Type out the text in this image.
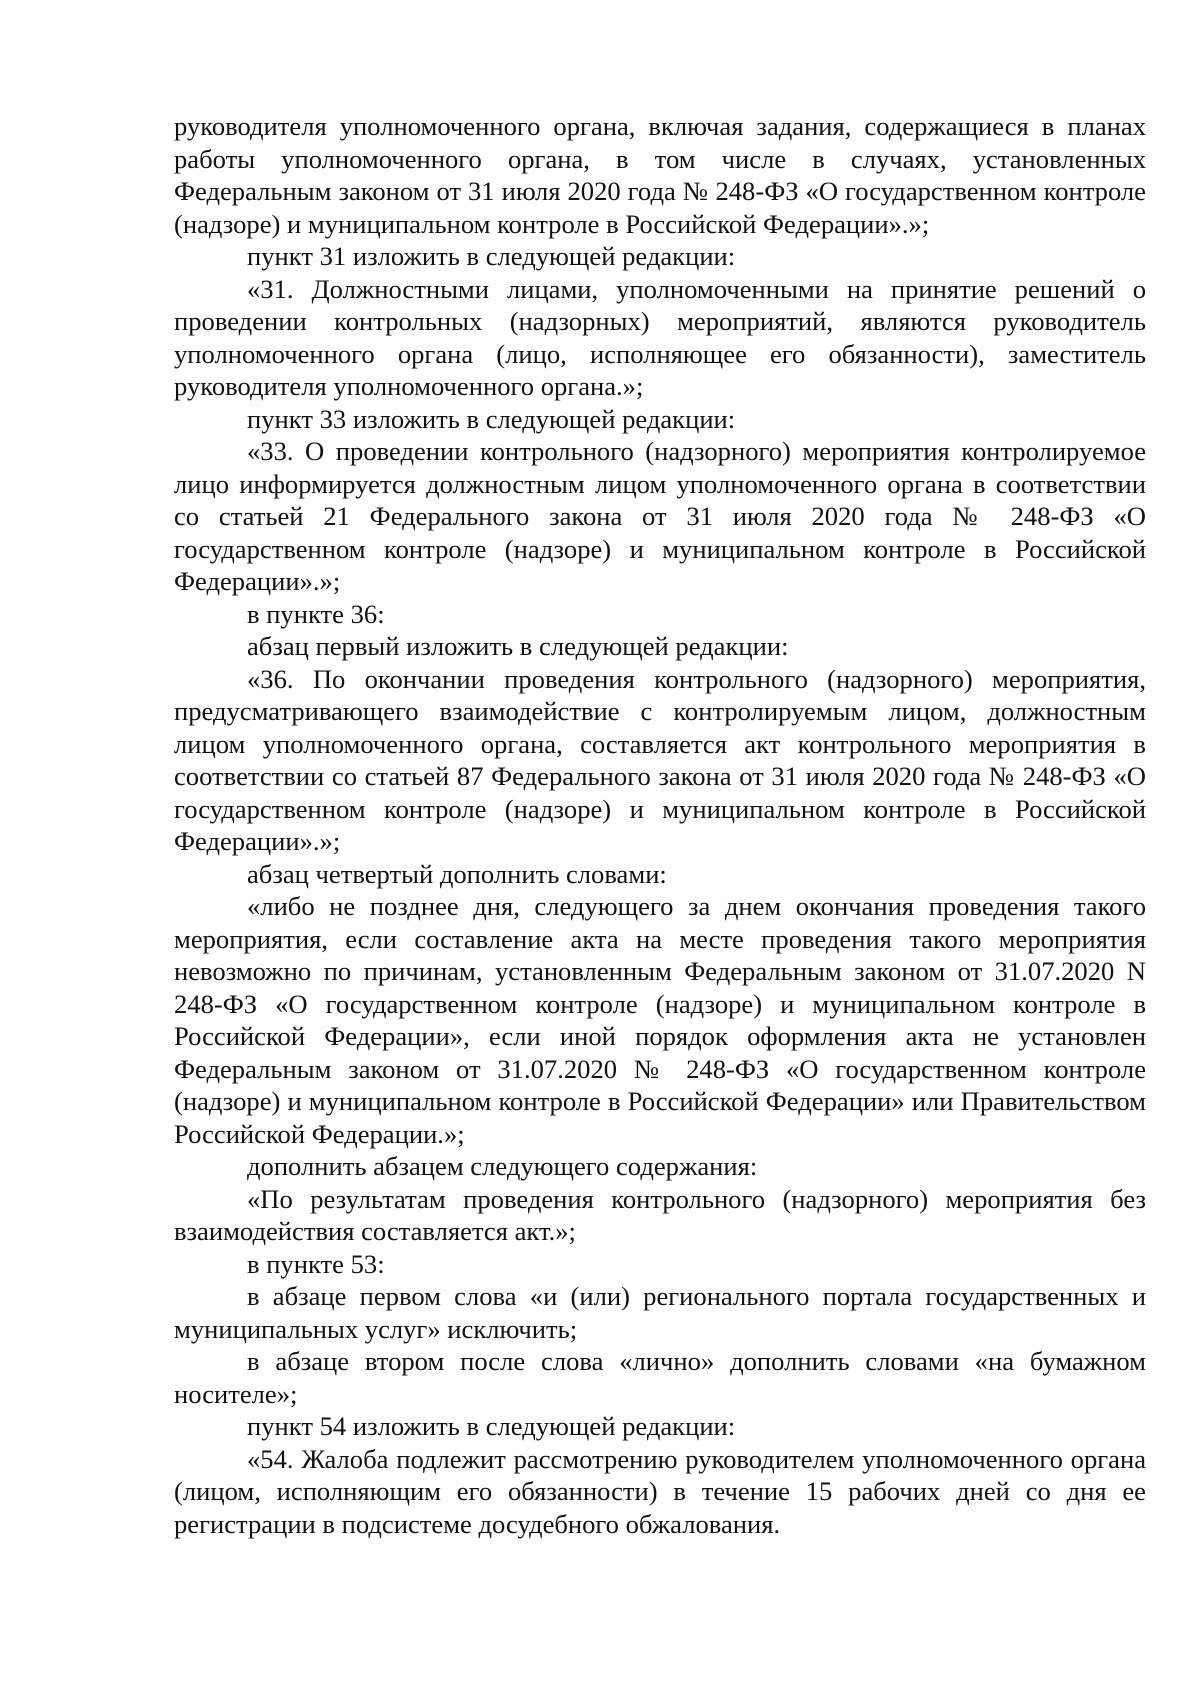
руководителя уполномоченного органа, включая задания, содержащиеся в планах работы уполномоченного органа, в том числе в случаях, установленных Федеральным законом от 31 июля 2020 года № 248-ФЗ «О государственном контроле (надзоре) и муниципальном контроле в Российской Федерации».»;

пункт 31 изложить в следующей редакции:

«31. Должностными лицами, уполномоченными на принятие решений о проведении контрольных (надзорных) мероприятий, являются руководитель уполномоченного органа (лицо, исполняющее его обязанности), заместитель руководителя уполномоченного органа.»;

пункт 33 изложить в следующей редакции:

«33. О проведении контрольного (надзорного) мероприятия контролируемое лицо информируется должностным лицом уполномоченного органа в соответствии со статьей 21 Федерального закона от 31 июля 2020 года № 248-ФЗ «О государственном контроле (надзоре) и муниципальном контроле в Российской Федерации».»;

в пункте 36:

абзац первый изложить в следующей редакции:

«36. По окончании проведения контрольного (надзорного) мероприятия, предусматривающего взаимодействие с контролируемым лицом, должностным лицом уполномоченного органа, составляется акт контрольного мероприятия в соответствии со статьей 87 Федерального закона от 31 июля 2020 года № 248-ФЗ «О государственном контроле (надзоре) и муниципальном контроле в Российской Федерации».»;

абзац четвертый дополнить словами:

«либо не позднее дня, следующего за днем окончания проведения такого мероприятия, если составление акта на месте проведения такого мероприятия невозможно по причинам, установленным Федеральным законом от 31.07.2020 N 248-ФЗ «О государственном контроле (надзоре) и муниципальном контроле в Российской Федерации», если иной порядок оформления акта не установлен Федеральным законом от 31.07.2020 № 248-ФЗ «О государственном контроле (надзоре) и муниципальном контроле в Российской Федерации» или Правительством Российской Федерации.»;

дополнить абзацем следующего содержания:

«По результатам проведения контрольного (надзорного) мероприятия без взаимодействия составляется акт.»;

в пункте 53:

в абзаце первом слова «и (или) регионального портала государственных и муниципальных услуг» исключить;

в абзаце втором после слова «лично» дополнить словами «на бумажном носителе»;

пункт 54 изложить в следующей редакции:

«54. Жалоба подлежит рассмотрению руководителем уполномоченного органа (лицом, исполняющим его обязанности) в течение 15 рабочих дней со дня ее регистрации в подсистеме досудебного обжалования.
